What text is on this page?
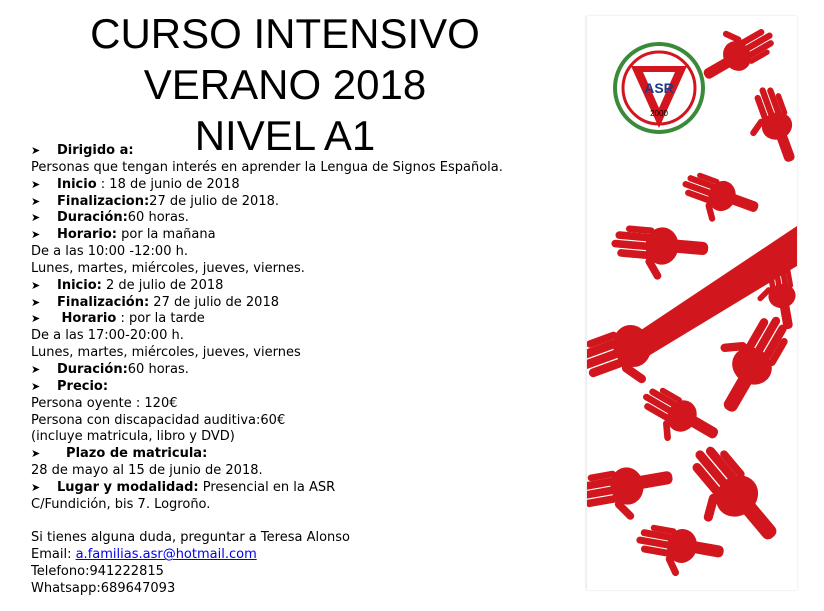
CURSO INTENSIVO
VERANO 2018
NIVEL A1
➤ Dirigido a:
Personas que tengan interés en aprender la Lengua de Signos Española.
➤ Inicio : 18 de junio de 2018
➤ Finalizacion:27 de julio de 2018.
➤ Duración:60 horas.
➤ Horario: por la mañana
De a las 10:00 -12:00 h.
Lunes, martes, miércoles, jueves, viernes.
➤ Inicio: 2 de julio de 2018
➤ Finalización: 27 de julio de 2018
➤ Horario : por la tarde
De a las 17:00-20:00 h.
Lunes, martes, miércoles, jueves, viernes
➤ Duración:60 horas.
➤ Precio:
Persona oyente : 120€
Persona con discapacidad auditiva:60€
(incluye matricula, libro y DVD)
➤  Plazo de matricula:
28 de mayo al 15 de junio de 2018.
➤ Lugar y modalidad: Presencial en la ASR
C/Fundición, bis 7. Logroño.
Si tienes alguna duda, preguntar a Teresa Alonso
Email: a.familias.asr@hotmail.com
Telefono:941222815
Whatsapp:689647093
ASR
2000
